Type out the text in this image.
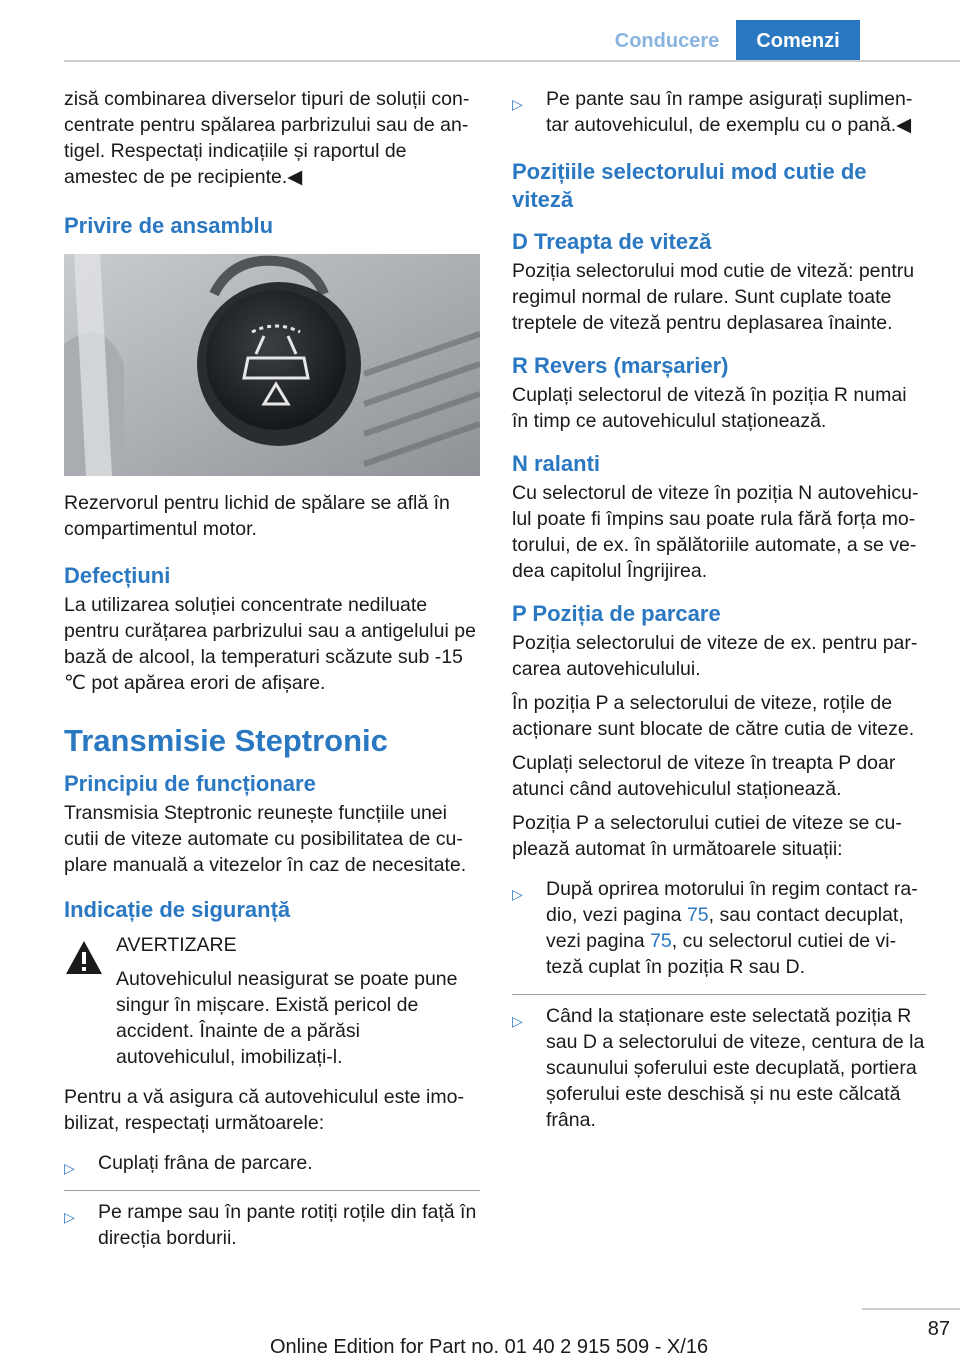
Conducere Comenzi

zisă combinarea diverselor tipuri de soluții concentrate pentru spălarea parbrizului sau de antigel. Respectați indicațiile și raportul de amestec de pe recipiente.◀

Privire de ansamblu

Rezervorul pentru lichid de spălare se află în compartimentul motor.

Defecțiuni

La utilizarea soluției concentrate nediluate pentru curățarea parbrizului sau a antigelului pe bază de alcool, la temperaturi scăzute sub ‑15 ℃ pot apărea erori de afișare.

Transmisie Steptronic
Principiu de funcționare

Transmisia Steptronic reunește funcțiile unei cutii de viteze automate cu posibilitatea de cuplare manuală a vitezelor în caz de necesitate.

Indicație de siguranță
AVERTIZARE
Autovehiculul neasigurat se poate pune singur în mișcare. Există pericol de accident. Înainte de a părăsi autovehiculul, imobilizați-l.

Pentru a vă asigura că autovehiculul este imobilizat, respectați următoarele:

▷ Cuplați frâna de parcare.
▷ Pe rampe sau în pante rotiți roțile din față în direcția bordurii.
▷ Pe pante sau în rampe asigurați suplimentar autovehiculul, de exemplu cu o pană.◀
Pozițiile selectorului mod cutie de viteză
D Treapta de viteză

Poziția selectorului mod cutie de viteză: pentru regimul normal de rulare. Sunt cuplate toate treptele de viteză pentru deplasarea înainte.

R Revers (marșarier)

Cuplați selectorul de viteză în poziția R numai în timp ce autovehiculul staționează.

N ralanti

Cu selectorul de viteze în poziția N autovehiculul poate fi împins sau poate rula fără forța motorului, de ex. în spălătoriile automate, a se vedea capitolul Îngrijirea.

P Poziția de parcare

Poziția selectorului de viteze de ex. pentru parcarea autovehiculului.

În poziția P a selectorului de viteze, roțile de acționare sunt blocate de către cutia de viteze.

Cuplați selectorul de viteze în treapta P doar atunci când autovehiculul staționează.

Poziția P a selectorului cutiei de viteze se cuplează automat în următoarele situații:

▷ După oprirea motorului în regim contact radio, vezi pagina 75, sau contact decuplat, vezi pagina 75, cu selectorul cutiei de viteză cuplat în poziția R sau D.
▷ Când la staționare este selectată poziția R sau D a selectorului de viteze, centura de la scaunului șoferului este decuplată, portiera șoferului este deschisă și nu este călcată frâna.
87
Online Edition for Part no. 01 40 2 915 509 - X/16
